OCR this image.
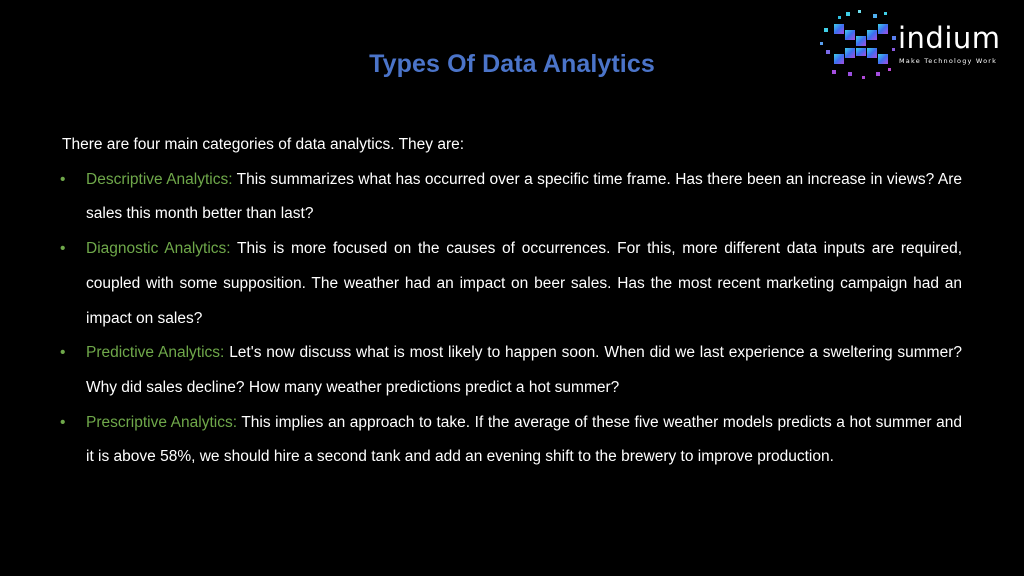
indium
Make Technology Work
Types Of Data Analytics

There are four main categories of data analytics. They are:

• Descriptive Analytics: This summarizes what has occurred over a specific time frame. Has there been an increase in views? Are sales this month better than last?
• Diagnostic Analytics: This is more focused on the causes of occurrences. For this, more different data inputs are required, coupled with some supposition. The weather had an impact on beer sales. Has the most recent marketing campaign had an impact on sales?
• Predictive Analytics: Let's now discuss what is most likely to happen soon. When did we last experience a sweltering summer? Why did sales decline? How many weather predictions predict a hot summer?
• Prescriptive Analytics: This implies an approach to take. If the average of these five weather models predicts a hot summer and it is above 58%, we should hire a second tank and add an evening shift to the brewery to improve production.
